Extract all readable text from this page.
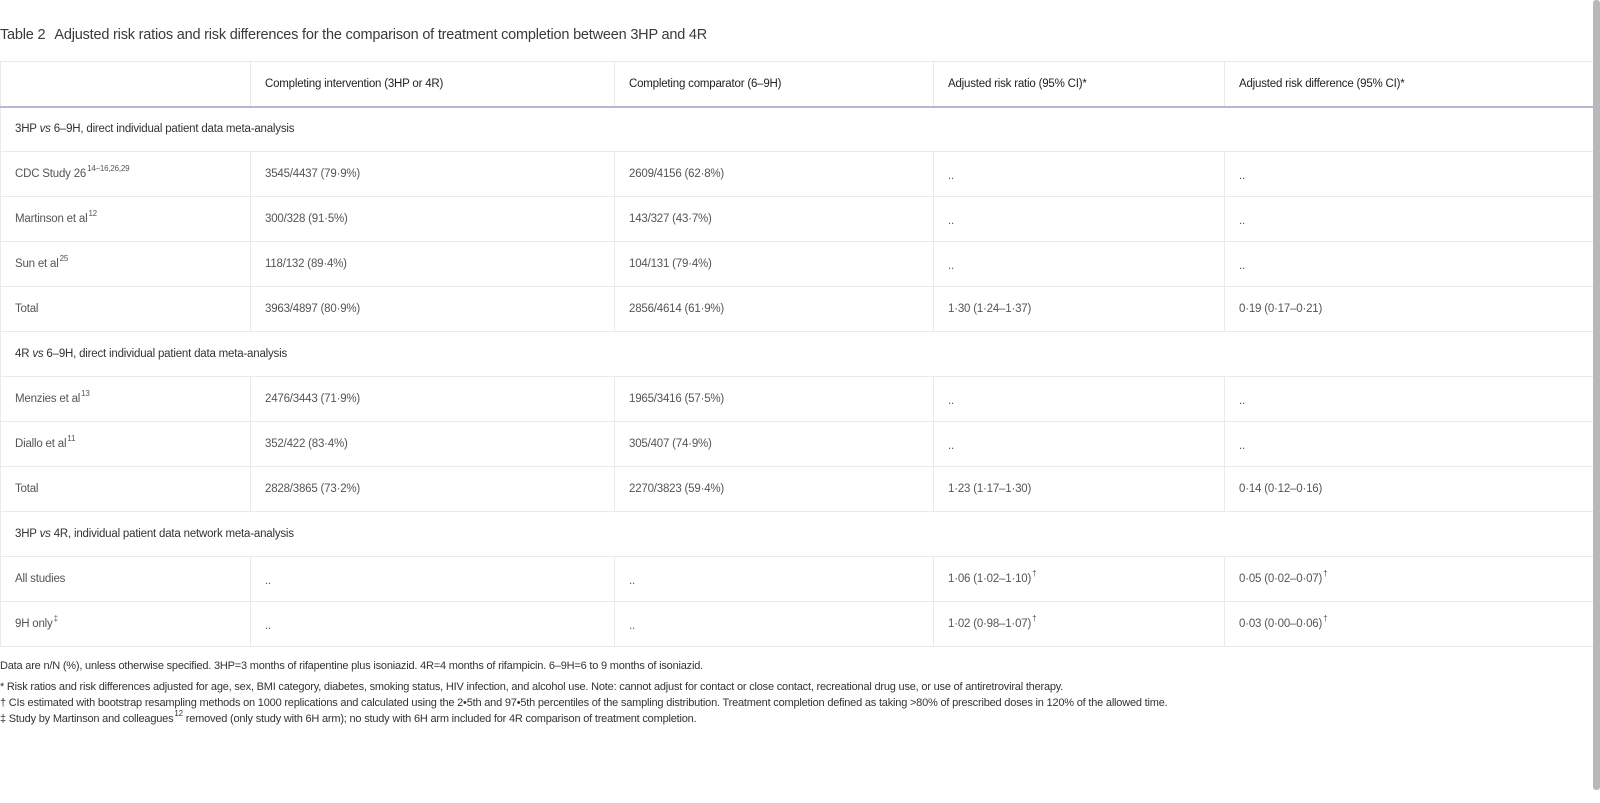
Table 2 Adjusted risk ratios and risk differences for the comparison of treatment completion between 3HP and 4R
	Completing intervention (3HP or 4R)	Completing comparator (6–9H)	Adjusted risk ratio (95% CI)*	Adjusted risk difference (95% CI)*
3HP vs 6–9H, direct individual patient data meta-analysis				
CDC Study 26$^{14-16,26,29}$	3545/4437 (79·9%)	2609/4156 (62·8%)	..	..
Martinson et $al^{12}$	300/328 (91·5%)	143/327 (43·7%)	..	..
Sun et $al^{25}$	118/132 (89·4%)	104/131 (79·4%)	..	..
Total	3963/4897 (80·9%)	2856/4614 (61·9%)	1·30 (1·24–1·37)	0·19 (0·17–0·21)
4R vs 6–9H, direct individual patient data meta-analysis				
Menzies et $al^{13}$	2476/3443 (71·9%)	1965/3416 (57·5%)	..	..
Diallo et $al^{11}$	352/422 (83·4%)	305/407 (74·9%)	..	..
Total	2828/3865 (73·2%)	2270/3823 (59·4%)	1·23 (1·17–1·30)	0·14 (0·12–0·16)
3HP vs 4R, individual patient data network meta-analysis				
All studies	..	..	1·06 (1·02–1·10)†	0·05 (0·02–0·07)†
9H only‡	..	..	1·02 (0·98–1·07)†	0·03 (0·00–0·06)†
Data are n/N (%), unless otherwise specified. 3HP=3 months of rifapentine plus isoniazid. 4R=4 months of rifampicin. 6–9H=6 to 9 months of isoniazid.
* Risk ratios and risk differences adjusted for age, sex, BMI category, diabetes, smoking status, HIV infection, and alcohol use. Note: cannot adjust for contact or close contact, recreational drug use, or use of antiretroviral therapy.
† CIs estimated with bootstrap resampling methods on 1000 replications and calculated using the 2•5th and 97•5th percentiles of the sampling distribution. Treatment completion defined as taking >80% of prescribed doses in 120% of the allowed time.
‡ Study by Martinson and colleagues$^{12}$ removed (only study with 6H arm); no study with 6H arm included for 4R comparison of treatment completion.
